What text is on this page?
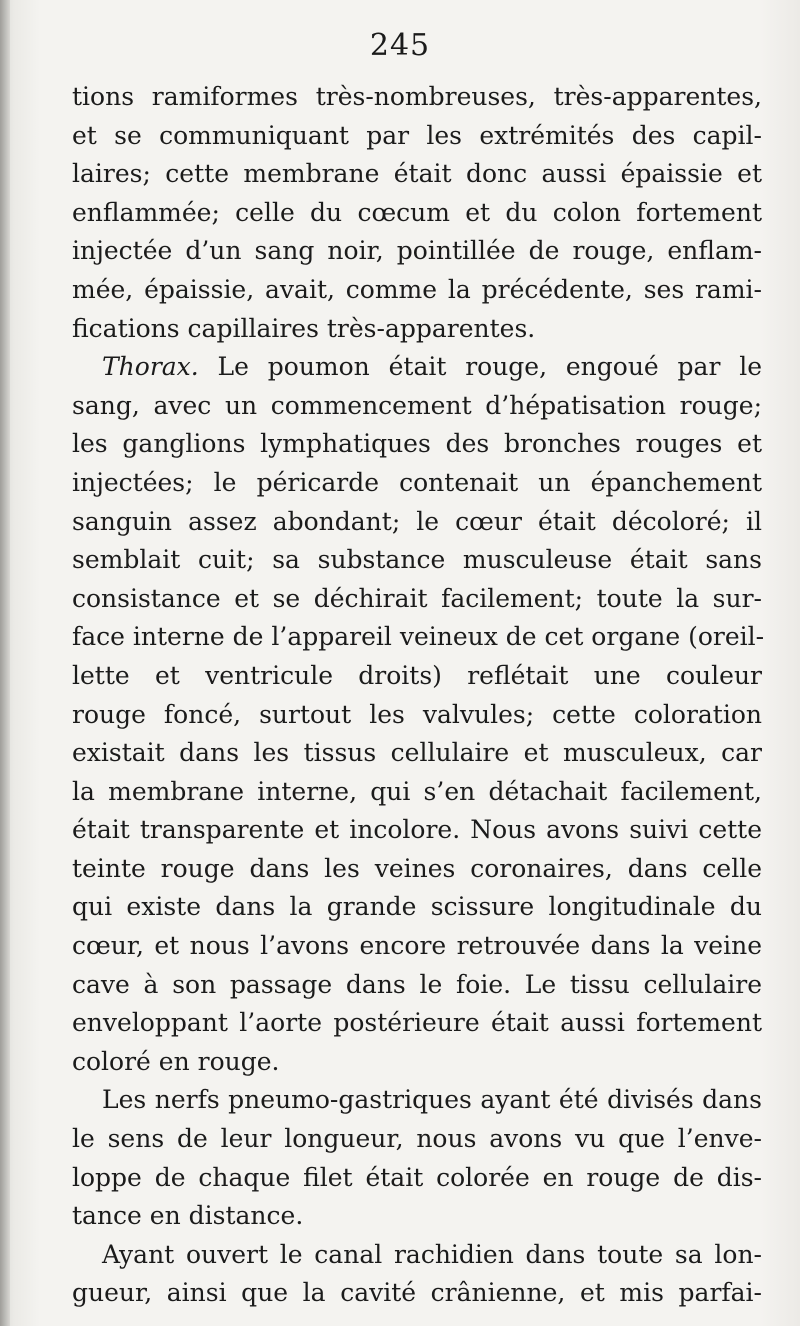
245
tions ramiformes très-nombreuses, très-apparentes,
et se communiquant par les extrémités des capil-
laires; cette membrane était donc aussi épaissie et
enflammée; celle du cœcum et du colon fortement
injectée d’un sang noir, pointillée de rouge, enflam-
mée, épaissie, avait, comme la précédente, ses rami-
fications capillaires très-apparentes.
Thorax. Le poumon était rouge, engoué par le
sang, avec un commencement d’hépatisation rouge;
les ganglions lymphatiques des bronches rouges et
injectées; le péricarde contenait un épanchement
sanguin assez abondant; le cœur était décoloré; il
semblait cuit; sa substance musculeuse était sans
consistance et se déchirait facilement; toute la sur-
face interne de l’appareil veineux de cet organe (oreil-
lette et ventricule droits) reflétait une couleur
rouge foncé, surtout les valvules; cette coloration
existait dans les tissus cellulaire et musculeux, car
la membrane interne, qui s’en détachait facilement,
était transparente et incolore. Nous avons suivi cette
teinte rouge dans les veines coronaires, dans celle
qui existe dans la grande scissure longitudinale du
cœur, et nous l’avons encore retrouvée dans la veine
cave à son passage dans le foie. Le tissu cellulaire
enveloppant l’aorte postérieure était aussi fortement
coloré en rouge.
Les nerfs pneumo-gastriques ayant été divisés dans
le sens de leur longueur, nous avons vu que l’enve-
loppe de chaque filet était colorée en rouge de dis-
tance en distance.
Ayant ouvert le canal rachidien dans toute sa lon-
gueur, ainsi que la cavité crânienne, et mis parfai-
